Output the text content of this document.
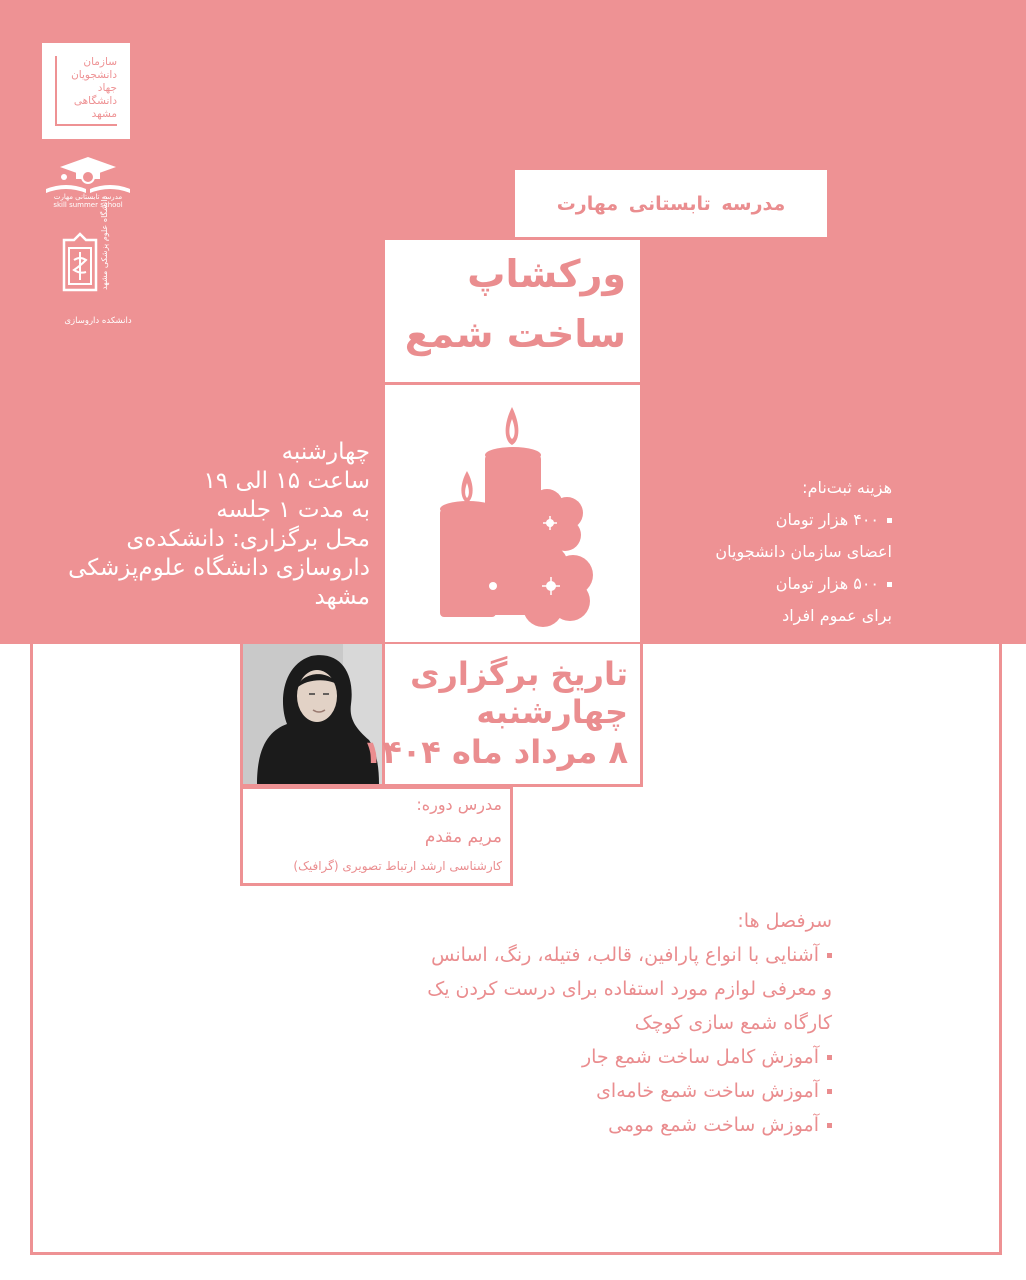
سازمان
دانشجویان
جهاد
دانشگاهی
مشهد
مدرسه تابستانی مهارت
skill summer school
دانشگاه علوم پزشکی مشهد
دانشکده داروسازی
مدرسه تابستانی مهارت
ورکشاپ
ساخت شمع
چهارشنبه
ساعت ۱۵ الی ۱۹
به مدت ۱ جلسه
محل برگزاری: دانشکده‌ی
داروسازی دانشگاه علوم‌پزشکی
مشهد
هزینه ثبت‌نام:
۴۰۰ هزار تومان
اعضای سازمان دانشجویان
۵۰۰ هزار تومان
برای عموم افراد
تاریخ برگزاری
چهارشنبه
۸ مرداد ماه ۱۴۰۴
مدرس دوره:
مریم مقدم
کارشناسی ارشد ارتباط تصویری (گرافیک)
سرفصل ها:
آشنایی با انواع پارافین، قالب، فتیله، رنگ، اسانس
و معرفی لوازم مورد استفاده برای درست کردن یک
کارگاه شمع سازی کوچک
آموزش کامل ساخت شمع جار
آموزش ساخت شمع خامه‌ای
آموزش ساخت شمع مومی
